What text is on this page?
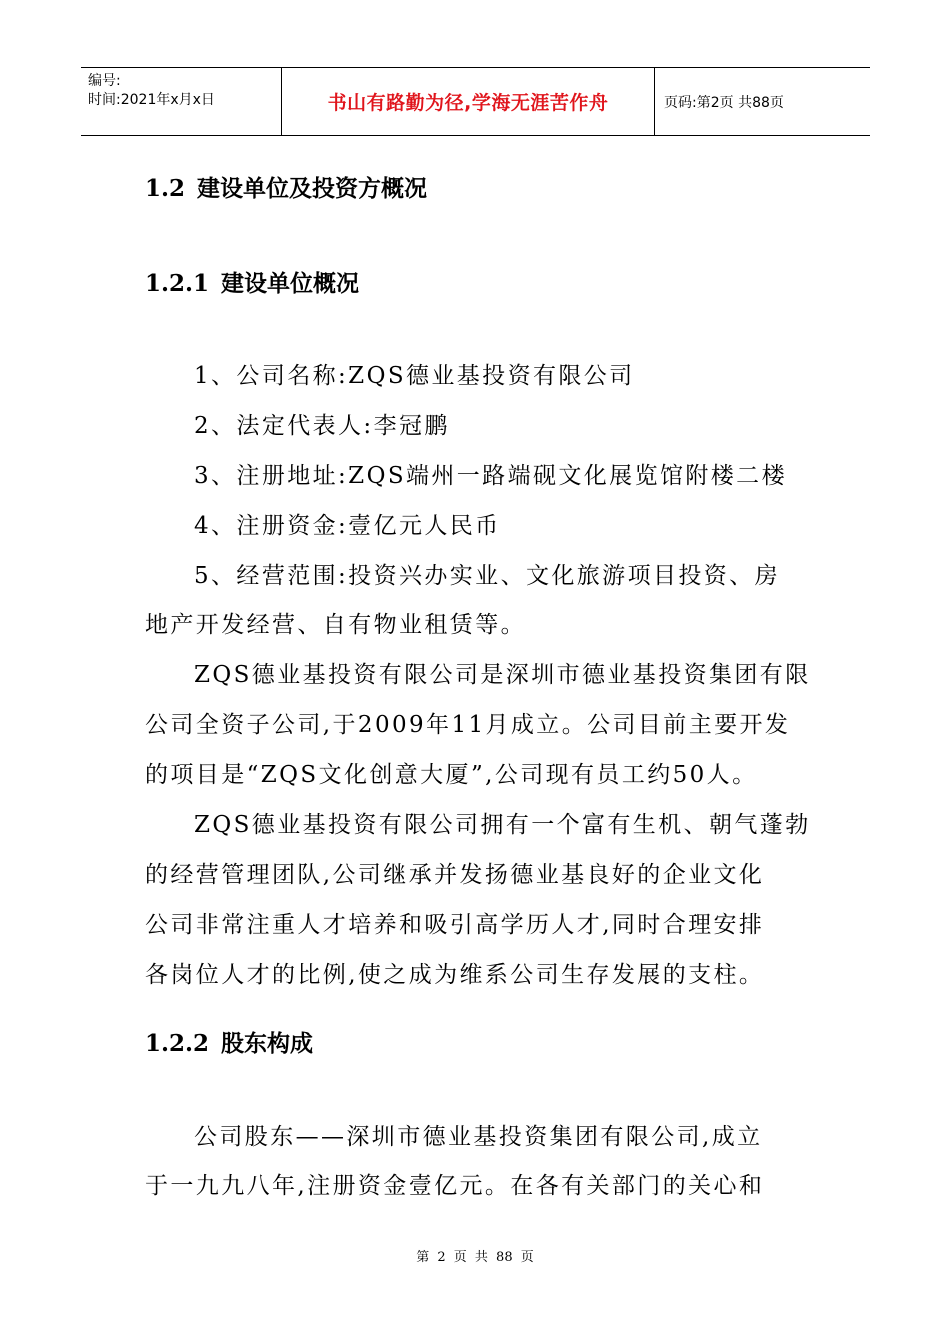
编号:
时间:2021年x月x日	书山有路勤为径,学海无涯苦作舟	页码:第2页 共88页
1.2 建设单位及投资方概况
1.2.1 建设单位概况
1、公司名称:ZQS德业基投资有限公司
2、法定代表人:李冠鹏
3、注册地址:ZQS端州一路端砚文化展览馆附楼二楼
4、注册资金:壹亿元人民币
5、经营范围:投资兴办实业、文化旅游项目投资、房
地产开发经营、自有物业租赁等。
ZQS德业基投资有限公司是深圳市德业基投资集团有限
公司全资子公司,于2009年11月成立。公司目前主要开发
的项目是“ZQS文化创意大厦”,公司现有员工约50人。
ZQS德业基投资有限公司拥有一个富有生机、朝气蓬勃
的经营管理团队,公司继承并发扬德业基良好的企业文化
公司非常注重人才培养和吸引高学历人才,同时合理安排
各岗位人才的比例,使之成为维系公司生存发展的支柱。
1.2.2 股东构成
公司股东——深圳市德业基投资集团有限公司,成立
于一九九八年,注册资金壹亿元。在各有关部门的关心和
第 2 页 共 88 页
